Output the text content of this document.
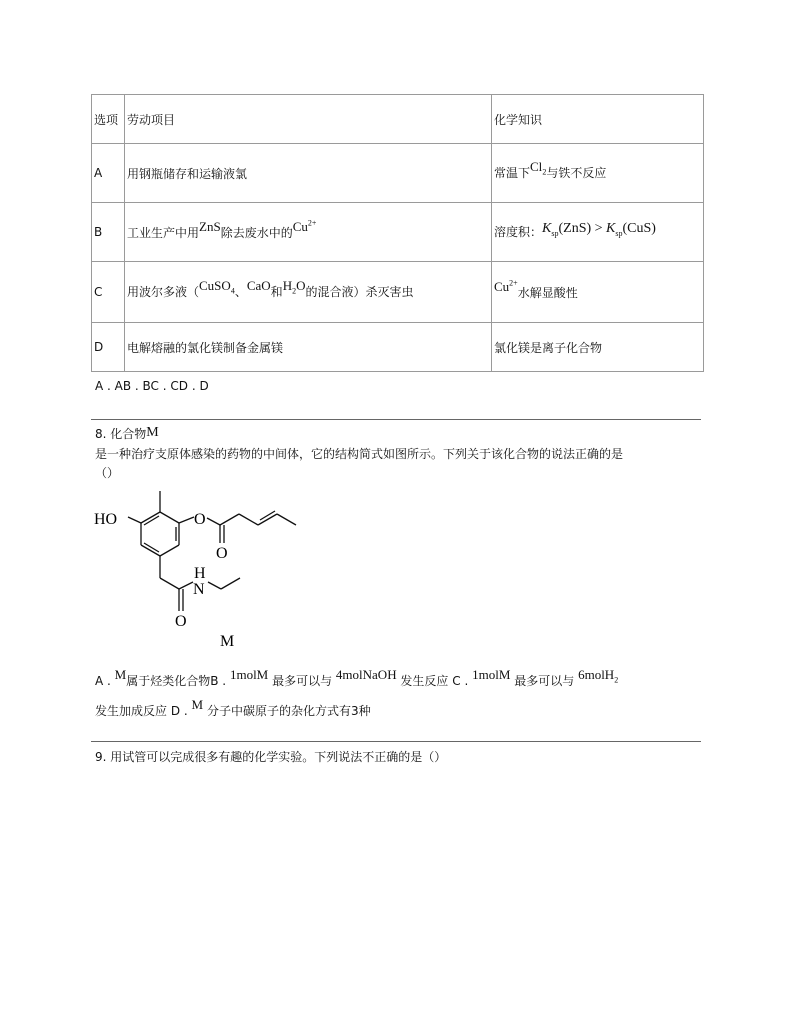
选项	劳动项目	化学知识
A	用钢瓶储存和运输液氯	常温下$Cl_2$与铁不反应
B	工业生产中用ZnS除去废水中的$Cu^{2+}$	溶度积：$K_{sp}(ZnS) > K_{sp}(CuS)$
C	用波尔多液（CuSO$_4$、CaO和$H_2O$的混合液）杀灭害虫	$Cu^{2+}$水解显酸性
D	电解熔融的氯化镁制备金属镁	氯化镁是离子化合物
A . AB . BC . CD . D
8. 化合物M
是一种治疗支原体感染的药物的中间体，它的结构简式如图所示。下列关于该化合物的说法正确的是
（）
HO	O
O
H
N
O
M
A . M属于烃类化合物B . 1molM 最多可以与 4molNaOH 发生反应 C . 1molM 最多可以与 6molH$_2$
发生加成反应 D . M 分子中碳原子的杂化方式有3种
9. 用试管可以完成很多有趣的化学实验。下列说法不正确的是（）
